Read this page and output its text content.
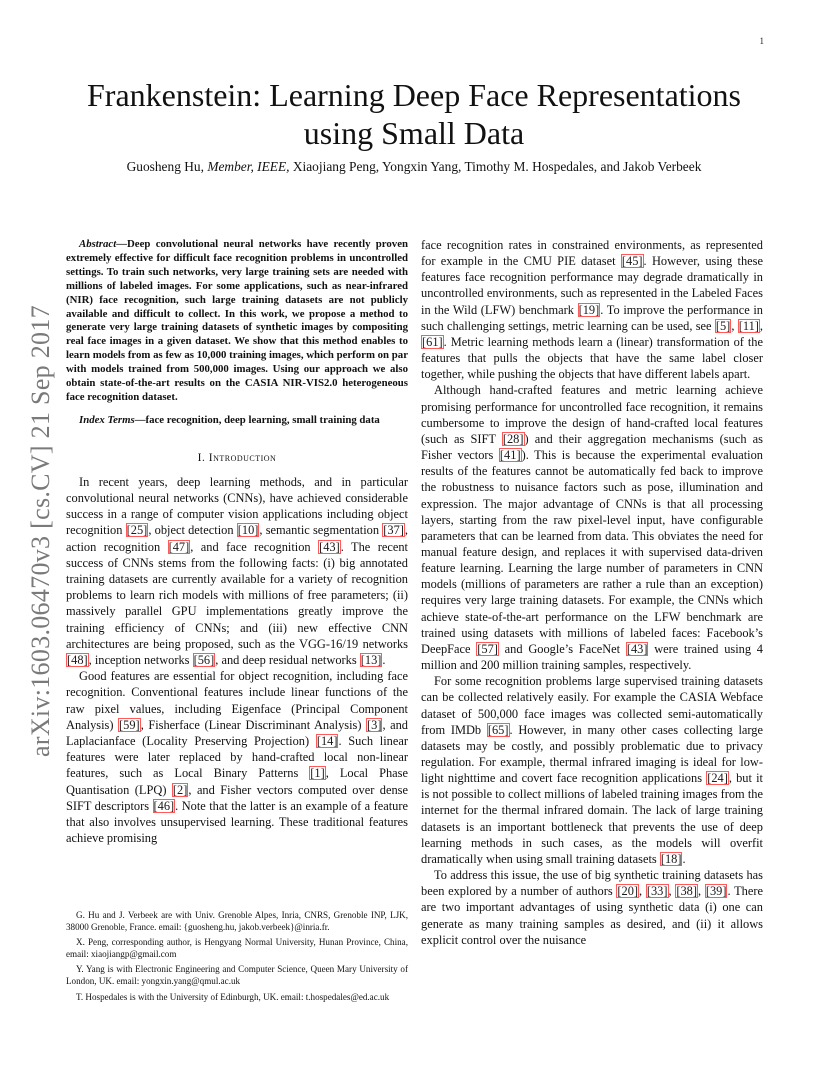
1
arXiv:1603.06470v3 [cs.CV] 21 Sep 2017
Frankenstein: Learning Deep Face Representations using Small Data
Guosheng Hu, Member, IEEE, Xiaojiang Peng, Yongxin Yang, Timothy M. Hospedales, and Jakob Verbeek

Abstract—Deep convolutional neural networks have recently proven extremely effective for difficult face recognition problems in uncontrolled settings. To train such networks, very large training sets are needed with millions of labeled images. For some applications, such as near-infrared (NIR) face recognition, such large training datasets are not publicly available and difficult to collect. In this work, we propose a method to generate very large training datasets of synthetic images by compositing real face images in a given dataset. We show that this method enables to learn models from as few as 10,000 training images, which perform on par with models trained from 500,000 images. Using our approach we also obtain state-of-the-art results on the CASIA NIR-VIS2.0 heterogeneous face recognition dataset.

Index Terms—face recognition, deep learning, small training data

I. Introduction

In recent years, deep learning methods, and in particular convolutional neural networks (CNNs), have achieved considerable success in a range of computer vision applications including object recognition [25], object detection [10], semantic segmentation [37], action recognition [47], and face recognition [43]. The recent success of CNNs stems from the following facts: (i) big annotated training datasets are currently available for a variety of recognition problems to learn rich models with millions of free parameters; (ii) massively parallel GPU implementations greatly improve the training efficiency of CNNs; and (iii) new effective CNN architectures are being proposed, such as the VGG-16/19 networks [48], inception networks [56], and deep residual networks [13].

Good features are essential for object recognition, including face recognition. Conventional features include linear functions of the raw pixel values, including Eigenface (Principal Component Analysis) [59], Fisherface (Linear Discriminant Analysis) [3], and Laplacianface (Locality Preserving Projection) [14]. Such linear features were later replaced by hand-crafted local non-linear features, such as Local Binary Patterns [1], Local Phase Quantisation (LPQ) [2], and Fisher vectors computed over dense SIFT descriptors [46]. Note that the latter is an example of a feature that also involves unsupervised learning. These traditional features achieve promising

face recognition rates in constrained environments, as represented for example in the CMU PIE dataset [45]. However, using these features face recognition performance may degrade dramatically in uncontrolled environments, such as represented in the Labeled Faces in the Wild (LFW) benchmark [19]. To improve the performance in such challenging settings, metric learning can be used, see [5], [11], [61]. Metric learning methods learn a (linear) transformation of the features that pulls the objects that have the same label closer together, while pushing the objects that have different labels apart.

Although hand-crafted features and metric learning achieve promising performance for uncontrolled face recognition, it remains cumbersome to improve the design of hand-crafted local features (such as SIFT [28]) and their aggregation mechanisms (such as Fisher vectors [41]). This is because the experimental evaluation results of the features cannot be automatically fed back to improve the robustness to nuisance factors such as pose, illumination and expression. The major advantage of CNNs is that all processing layers, starting from the raw pixel-level input, have configurable parameters that can be learned from data. This obviates the need for manual feature design, and replaces it with supervised data-driven feature learning. Learning the large number of parameters in CNN models (millions of parameters are rather a rule than an exception) requires very large training datasets. For example, the CNNs which achieve state-of-the-art performance on the LFW benchmark are trained using datasets with millions of labeled faces: Facebook’s DeepFace [57] and Google’s FaceNet [43] were trained using 4 million and 200 million training samples, respectively.

For some recognition problems large supervised training datasets can be collected relatively easily. For example the CASIA Webface dataset of 500,000 face images was collected semi-automatically from IMDb [65]. However, in many other cases collecting large datasets may be costly, and possibly problematic due to privacy regulation. For example, thermal infrared imaging is ideal for low-light nighttime and covert face recognition applications [24], but it is not possible to collect millions of labeled training images from the internet for the thermal infrared domain. The lack of large training datasets is an important bottleneck that prevents the use of deep learning methods in such cases, as the models will overfit dramatically when using small training datasets [18].

To address this issue, the use of big synthetic training datasets has been explored by a number of authors [20], [33], [38], [39]. There are two important advantages of using synthetic data (i) one can generate as many training samples as desired, and (ii) it allows explicit control over the nuisance

G. Hu and J. Verbeek are with Univ. Grenoble Alpes, Inria, CNRS, Grenoble INP, LJK, 38000 Grenoble, France. email: {guosheng.hu, jakob.verbeek}@inria.fr.

X. Peng, corresponding author, is Hengyang Normal University, Hunan Province, China, email: xiaojiangp@gmail.com

Y. Yang is with Electronic Engineering and Computer Science, Queen Mary University of London, UK. email: yongxin.yang@qmul.ac.uk

T. Hospedales is with the University of Edinburgh, UK. email: t.hospedales@ed.ac.uk
